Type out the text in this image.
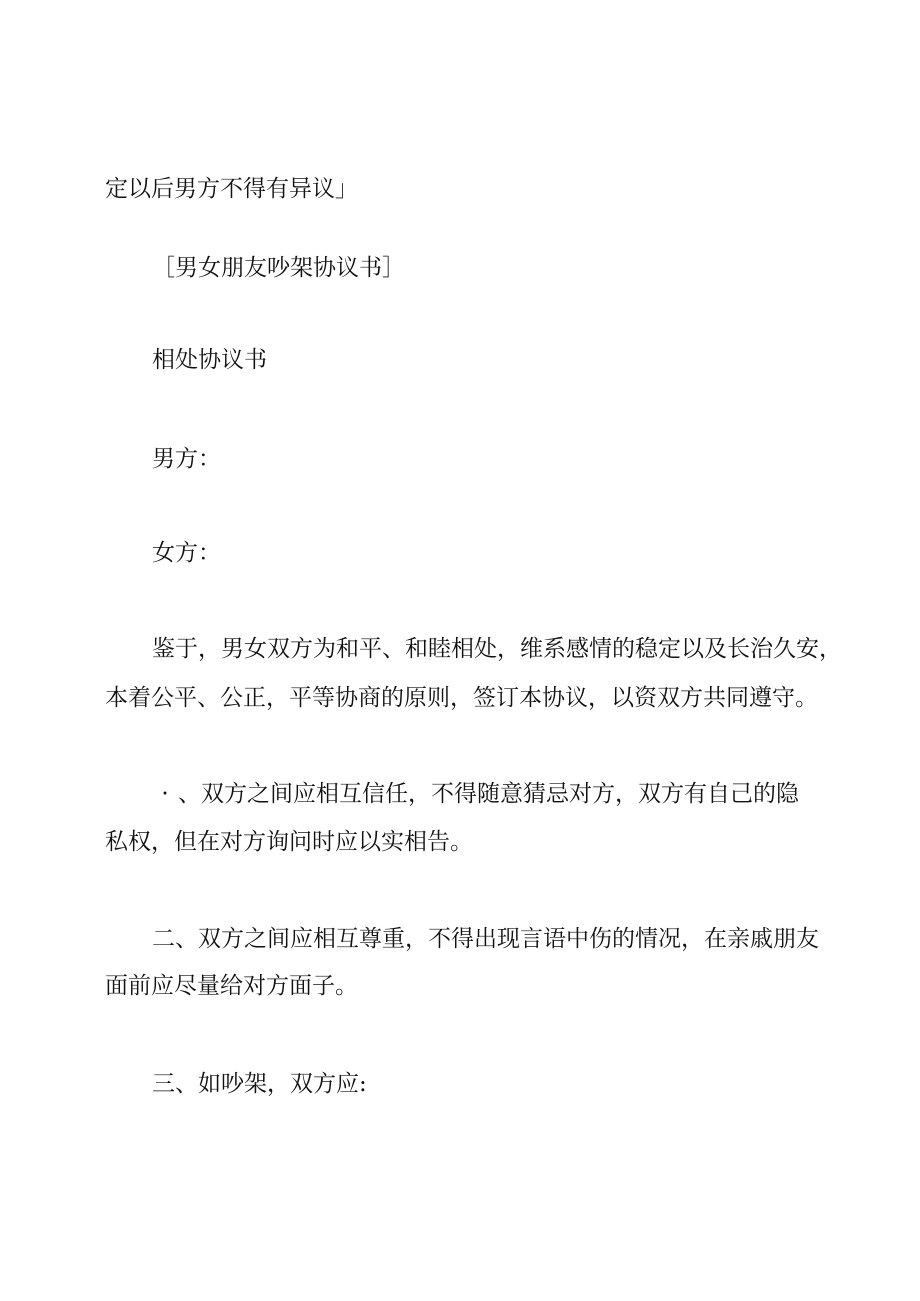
定以后男方不得有异议」
［男女朋友吵架协议书］
相处协议书
男方：
女方：
鉴于，男女双方为和平、和睦相处，维系感情的稳定以及长治久安，
本着公平、公正，平等协商的原则，签订本协议，以资双方共同遵守。
· 、双方之间应相互信任，不得随意猜忌对方，双方有自己的隐
私权，但在对方询问时应以实相告。
二、双方之间应相互尊重，不得出现言语中伤的情况，在亲戚朋友
面前应尽量给对方面子。
三、如吵架，双方应:
